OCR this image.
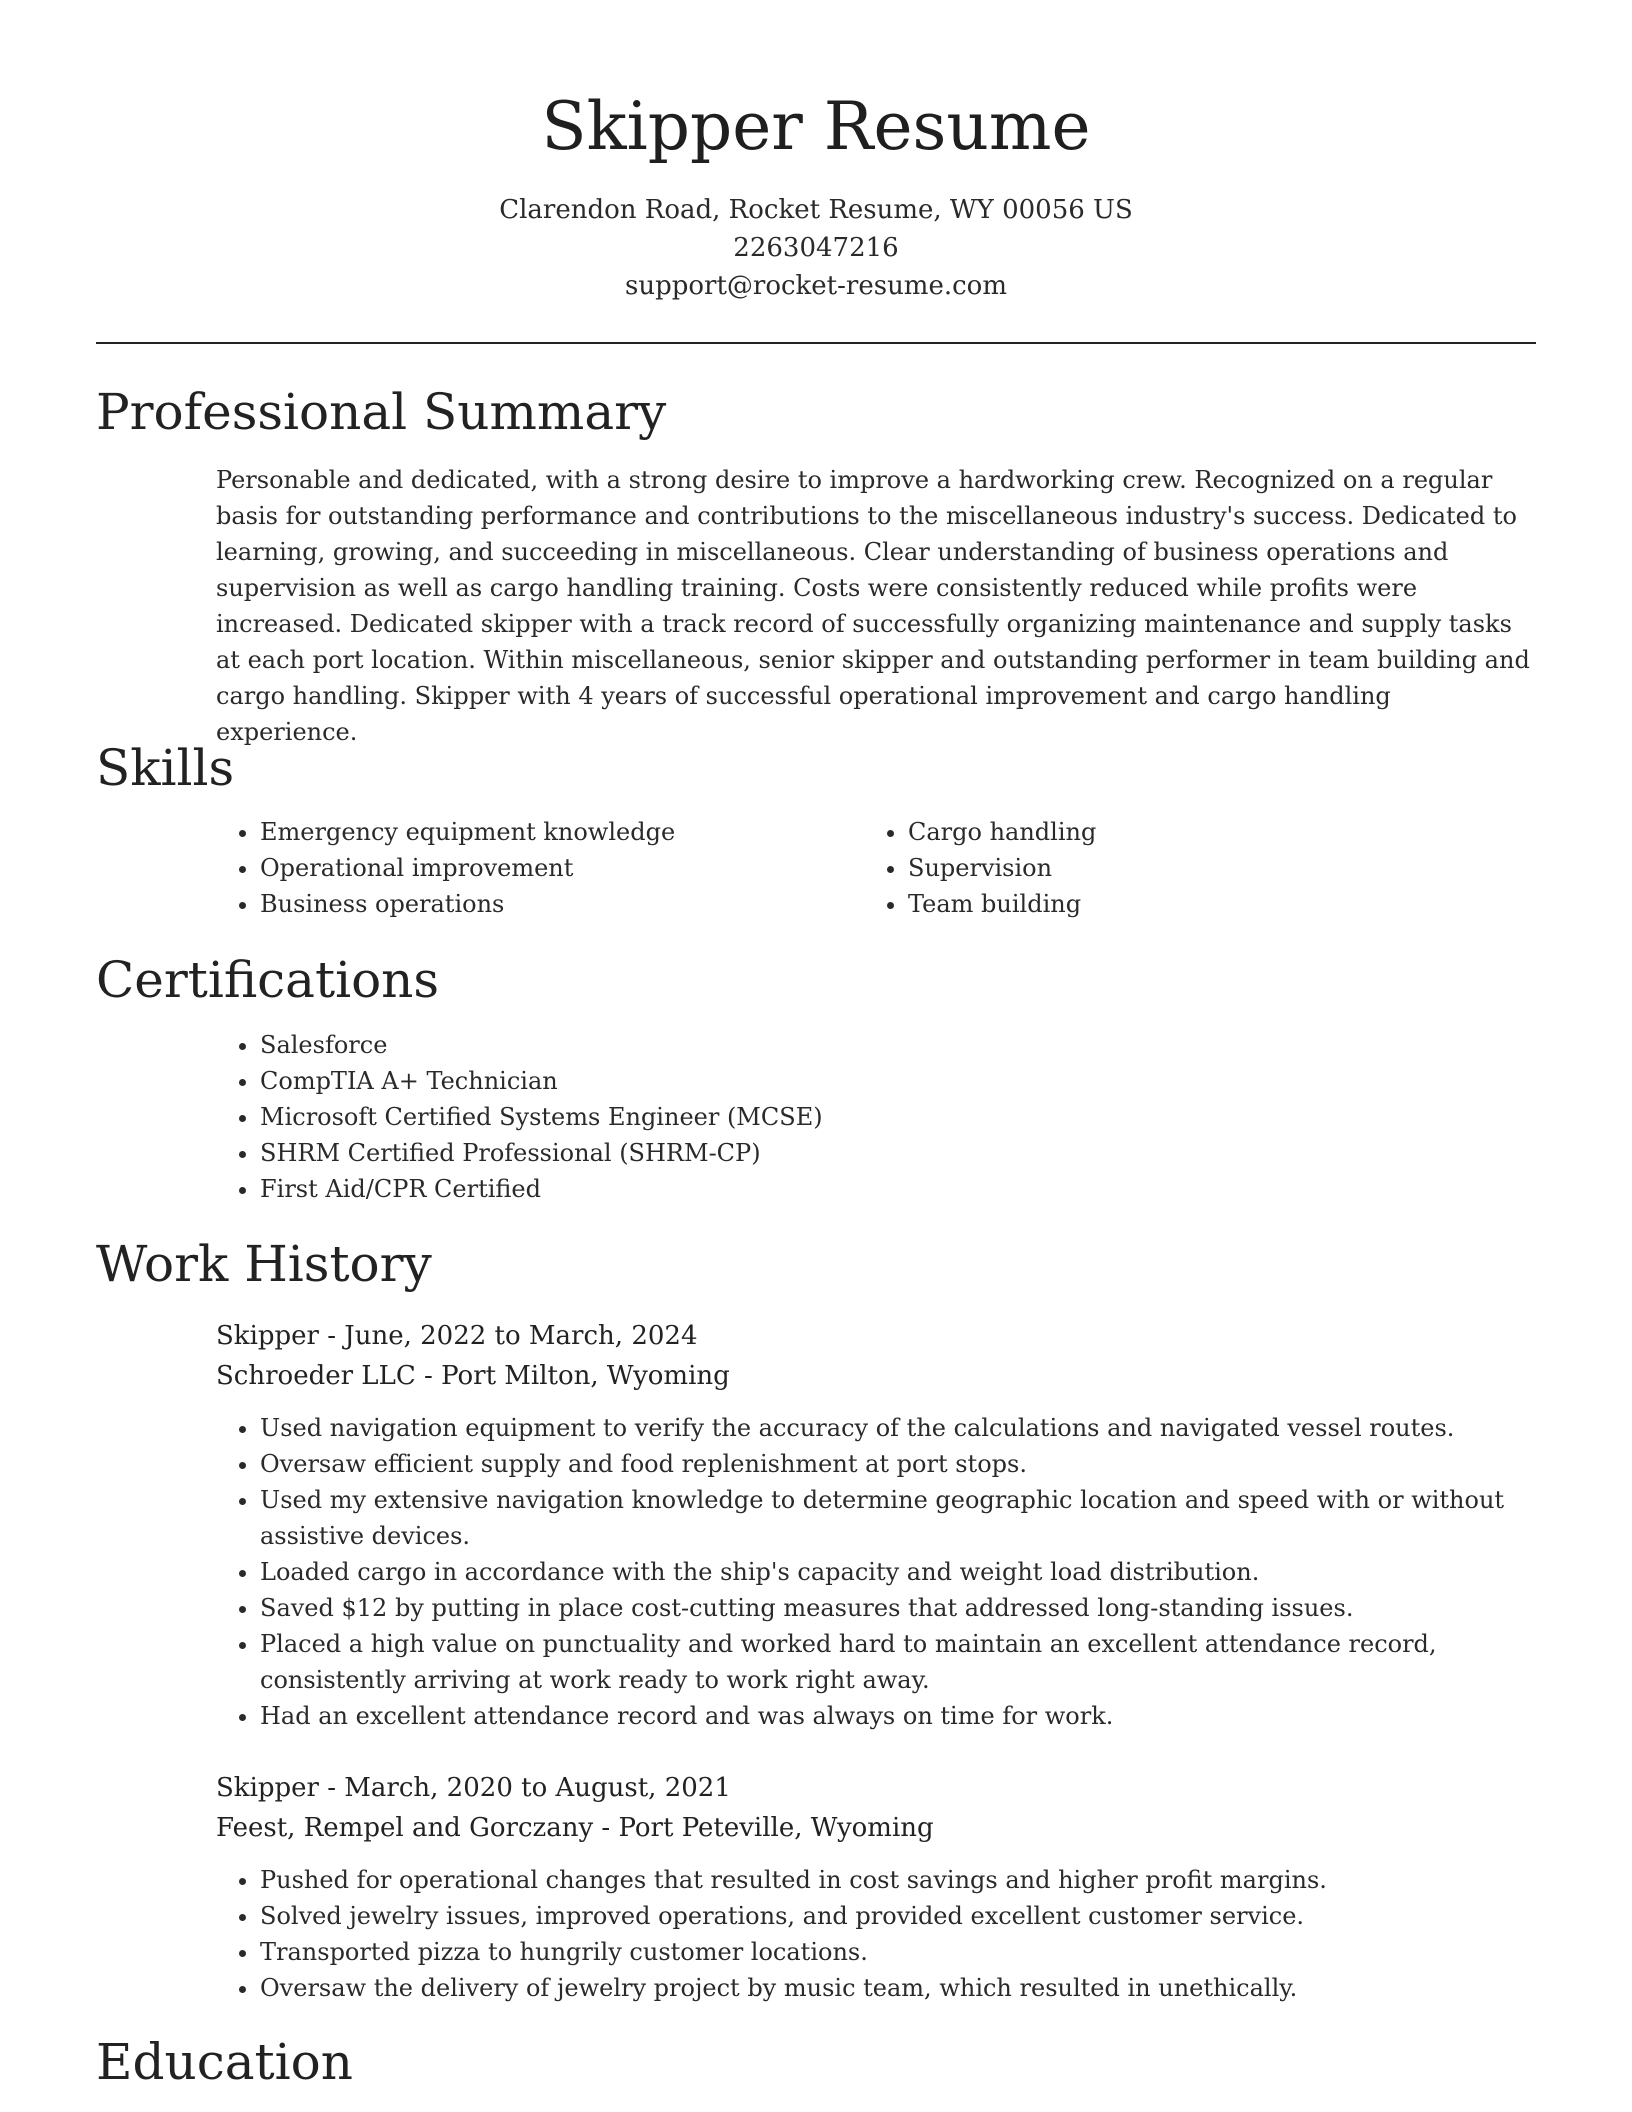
Skipper Resume
Clarendon Road, Rocket Resume, WY 00056 US
2263047216
support@rocket-resume.com
Professional Summary

Personable and dedicated, with a strong desire to improve a hardworking crew. Recognized on a regular basis for outstanding performance and contributions to the miscellaneous industry's success. Dedicated to learning, growing, and succeeding in miscellaneous. Clear understanding of business operations and supervision as well as cargo handling training. Costs were consistently reduced while profits were increased. Dedicated skipper with a track record of successfully organizing maintenance and supply tasks at each port location. Within miscellaneous, senior skipper and outstanding performer in team building and cargo handling. Skipper with 4 years of successful operational improvement and cargo handling experience.

Skills
• Emergency equipment knowledge
• Operational improvement
• Business operations
• Cargo handling
• Supervision
• Team building
Certifications
• Salesforce
• CompTIA A+ Technician
• Microsoft Certified Systems Engineer (MCSE)
• SHRM Certified Professional (SHRM-CP)
• First Aid/CPR Certified
Work History
Skipper - June, 2022 to March, 2024
Schroeder LLC - Port Milton, Wyoming
• Used navigation equipment to verify the accuracy of the calculations and navigated vessel routes.
• Oversaw efficient supply and food replenishment at port stops.
• Used my extensive navigation knowledge to determine geographic location and speed with or without assistive devices.
• Loaded cargo in accordance with the ship's capacity and weight load distribution.
• Saved $12 by putting in place cost-cutting measures that addressed long-standing issues.
• Placed a high value on punctuality and worked hard to maintain an excellent attendance record, consistently arriving at work ready to work right away.
• Had an excellent attendance record and was always on time for work.
Skipper - March, 2020 to August, 2021
Feest, Rempel and Gorczany - Port Peteville, Wyoming
• Pushed for operational changes that resulted in cost savings and higher profit margins.
• Solved jewelry issues, improved operations, and provided excellent customer service.
• Transported pizza to hungrily customer locations.
• Oversaw the delivery of jewelry project by music team, which resulted in unethically.
Education
